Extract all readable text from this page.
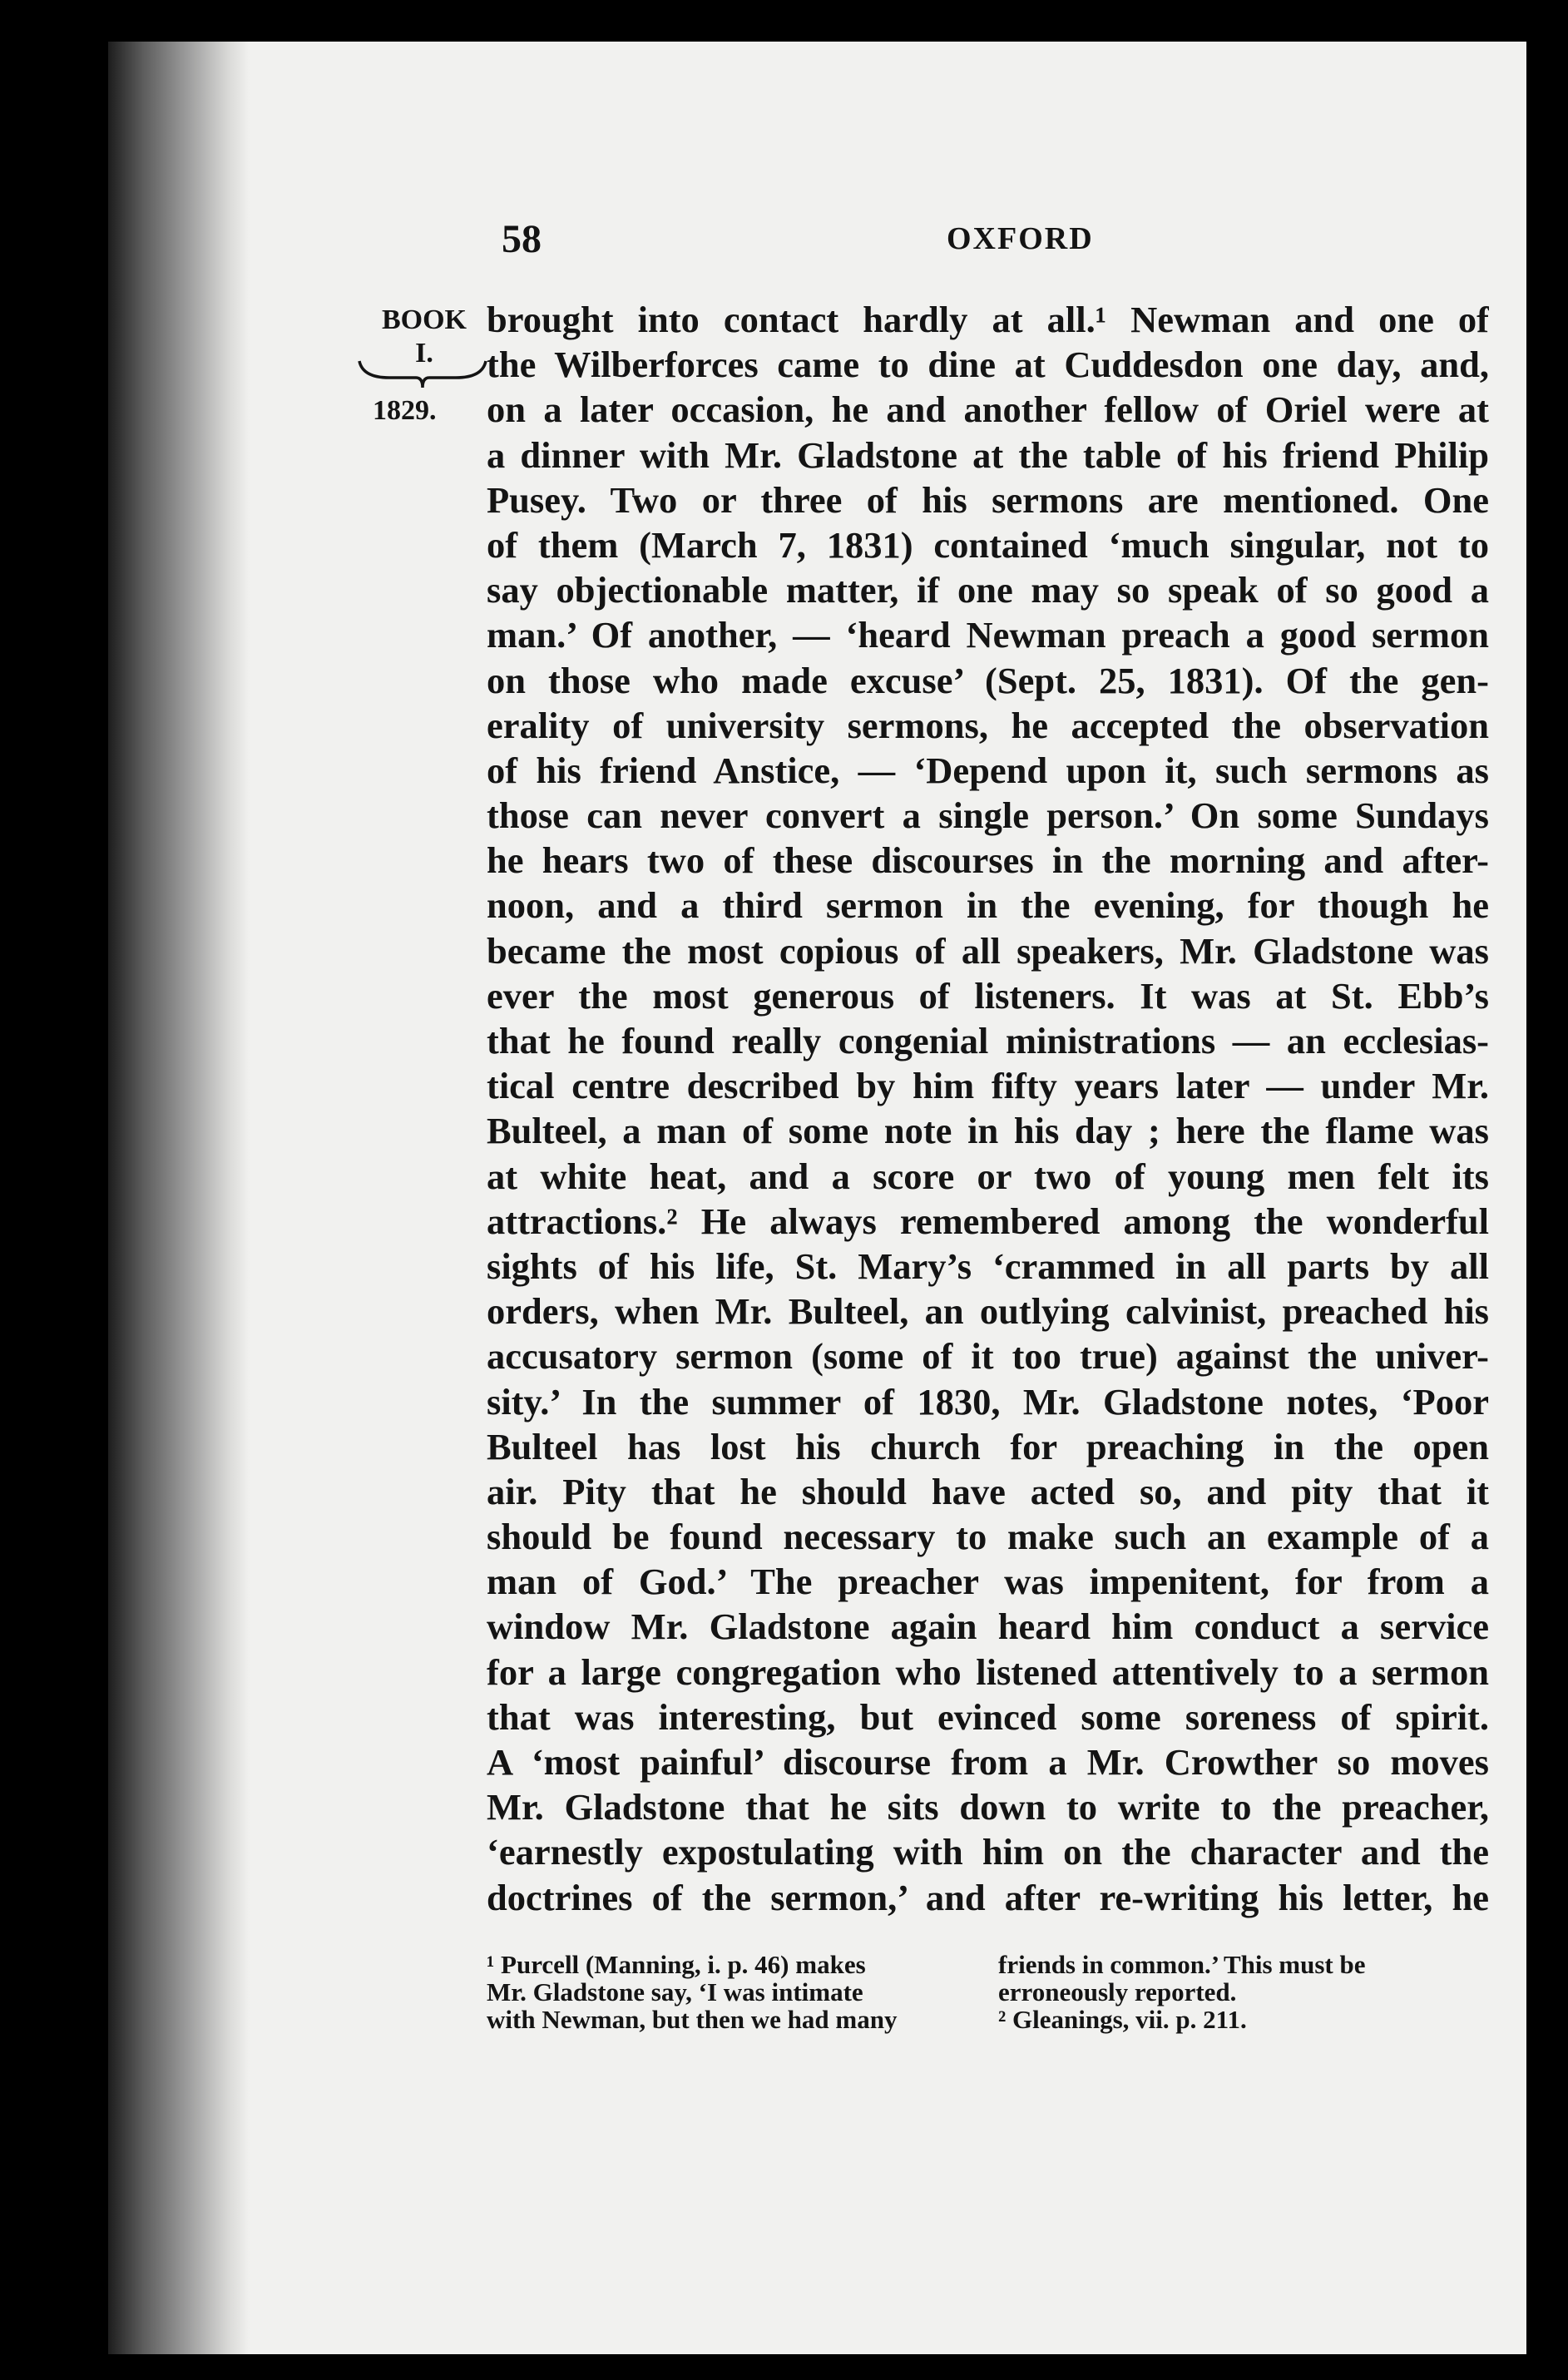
58	OXFORD
BOOK
I.
1829.
brought into contact hardly at all.¹ Newman and one of
the Wilberforces came to dine at Cuddesdon one day, and,
on a later occasion, he and another fellow of Oriel were at
a dinner with Mr. Gladstone at the table of his friend Philip
Pusey. Two or three of his sermons are mentioned. One
of them (March 7, 1831) contained ‘much singular, not to
say objectionable matter, if one may so speak of so good a
man.’ Of another, — ‘heard Newman preach a good sermon
on those who made excuse’ (Sept. 25, 1831). Of the gen-
erality of university sermons, he accepted the observation
of his friend Anstice, — ‘Depend upon it, such sermons as
those can never convert a single person.’ On some Sundays
he hears two of these discourses in the morning and after-
noon, and a third sermon in the evening, for though he
became the most copious of all speakers, Mr. Gladstone was
ever the most generous of listeners. It was at St. Ebb’s
that he found really congenial ministrations — an ecclesias-
tical centre described by him fifty years later — under Mr.
Bulteel, a man of some note in his day ; here the flame was
at white heat, and a score or two of young men felt its
attractions.² He always remembered among the wonderful
sights of his life, St. Mary’s ‘crammed in all parts by all
orders, when Mr. Bulteel, an outlying calvinist, preached his
accusatory sermon (some of it too true) against the univer-
sity.’ In the summer of 1830, Mr. Gladstone notes, ‘Poor
Bulteel has lost his church for preaching in the open
air. Pity that he should have acted so, and pity that it
should be found necessary to make such an example of a
man of God.’ The preacher was impenitent, for from a
window Mr. Gladstone again heard him conduct a service
for a large congregation who listened attentively to a sermon
that was interesting, but evinced some soreness of spirit.
A ‘most painful’ discourse from a Mr. Crowther so moves
Mr. Gladstone that he sits down to write to the preacher,
‘earnestly expostulating with him on the character and the
doctrines of the sermon,’ and after re-writing his letter, he
¹ Purcell (Manning, i. p. 46) makes
Mr. Gladstone say, ‘I was intimate
with Newman, but then we had many
friends in common.’ This must be
erroneously reported.
² Gleanings, vii. p. 211.
